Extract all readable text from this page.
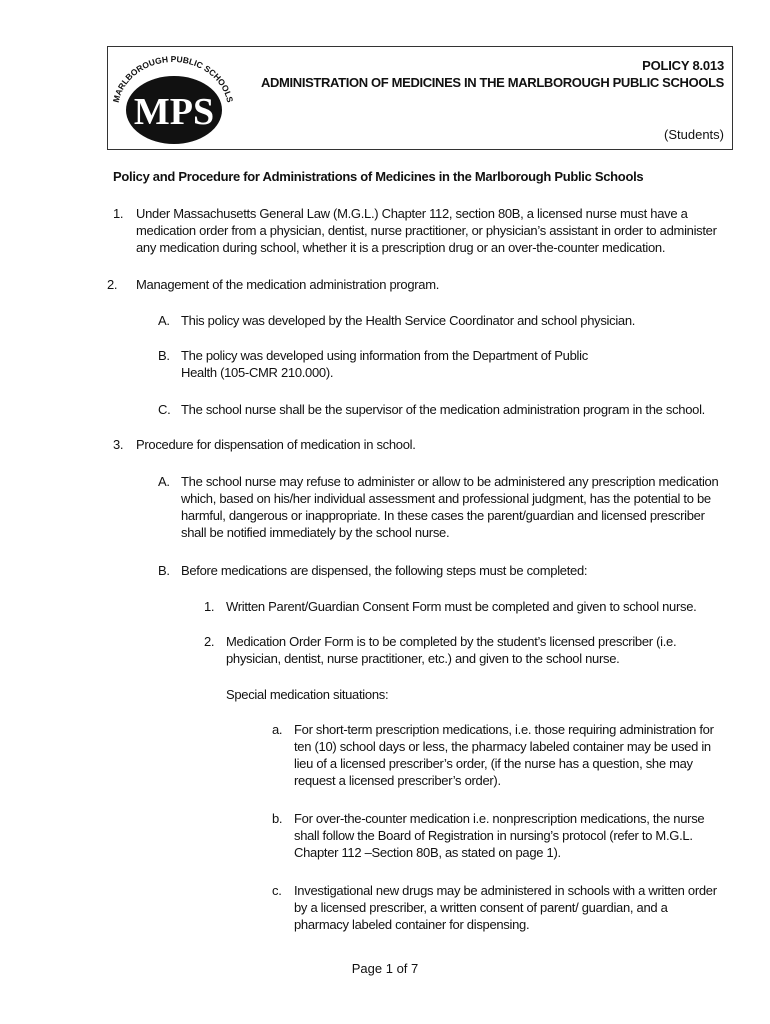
MARLBOROUGH PUBLIC SCHOOLS
MPS
POLICY 8.013
ADMINISTRATION OF MEDICINES IN THE MARLBOROUGH PUBLIC SCHOOLS
(Students)
Policy and Procedure for Administrations of Medicines in the Marlborough Public Schools
1. Under Massachusetts General Law (M.G.L.) Chapter 112, section 80B, a licensed nurse must have a
medication order from a physician, dentist, nurse practitioner, or physician’s assistant in order to administer
any medication during school, whether it is a prescription drug or an over-the-counter medication.
2. Management of the medication administration program.
A. This policy was developed by the Health Service Coordinator and school physician.
B. The policy was developed using information from the Department of Public
Health (105-CMR 210.000).
C. The school nurse shall be the supervisor of the medication administration program in the school.
3. Procedure for dispensation of medication in school.
A. The school nurse may refuse to administer or allow to be administered any prescription medication
which, based on his/her individual assessment and professional judgment, has the potential to be
harmful, dangerous or inappropriate. In these cases the parent/guardian and licensed prescriber
shall be notified immediately by the school nurse.
B. Before medications are dispensed, the following steps must be completed:
1. Written Parent/Guardian Consent Form must be completed and given to school nurse.
2. Medication Order Form is to be completed by the student’s licensed prescriber (i.e.
physician, dentist, nurse practitioner, etc.) and given to the school nurse.
Special medication situations:
a. For short-term prescription medications, i.e. those requiring administration for
ten (10) school days or less, the pharmacy labeled container may be used in
lieu of a licensed prescriber’s order, (if the nurse has a question, she may
request a licensed prescriber’s order).
b. For over-the-counter medication i.e. nonprescription medications, the nurse
shall follow the Board of Registration in nursing’s protocol (refer to M.G.L.
Chapter 112 –Section 80B, as stated on page 1).
c. Investigational new drugs may be administered in schools with a written order
by a licensed prescriber, a written consent of parent/ guardian, and a
pharmacy labeled container for dispensing.
Page 1 of 7
